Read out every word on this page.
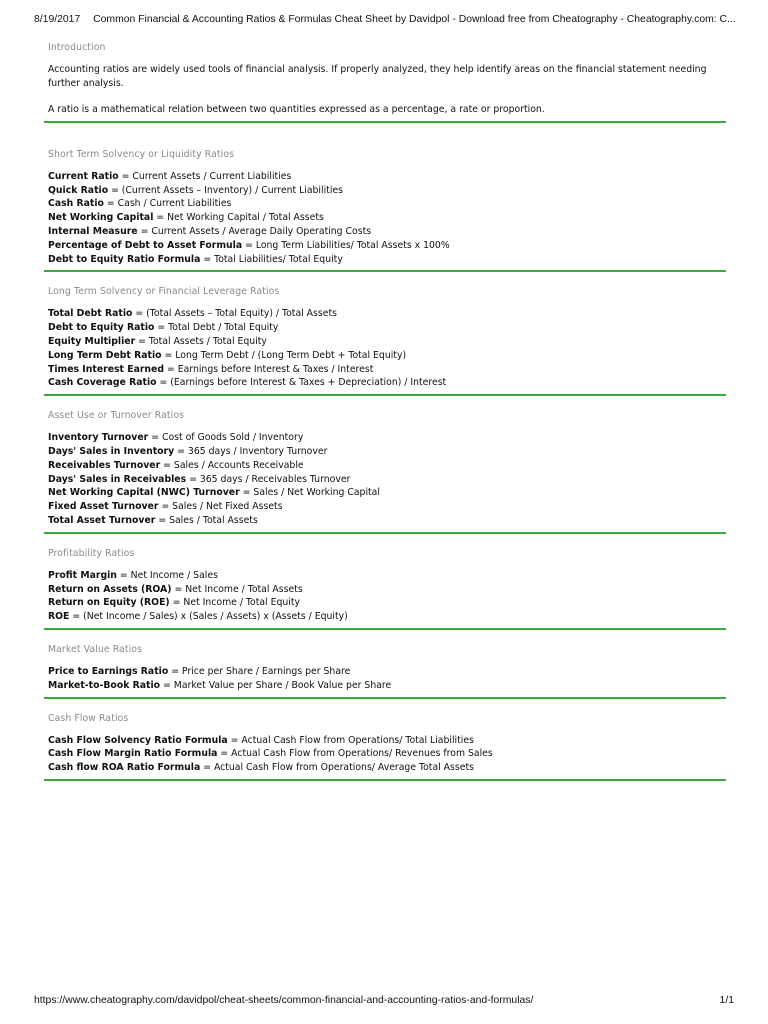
8/19/2017 Common Financial & Accounting Ratios & Formulas Cheat Sheet by Davidpol - Download free from Cheatography - Cheatography.com: C...
Introduction

Accounting ratios are widely used tools of financial analysis. If properly analyzed, they help identify areas on the financial statement needing further analysis.

A ratio is a mathematical relation between two quantities expressed as a percentage, a rate or proportion.

Short Term Solvency or Liquidity Ratios
Current Ratio = Current Assets / Current Liabilities
Quick Ratio = (Current Assets – Inventory) / Current Liabilities
Cash Ratio = Cash / Current Liabilities
Net Working Capital = Net Working Capital / Total Assets
Internal Measure = Current Assets / Average Daily Operating Costs
Percentage of Debt to Asset Formula = Long Term Liabilities/ Total Assets x 100%
Debt to Equity Ratio Formula = Total Liabilities/ Total Equity
Long Term Solvency or Financial Leverage Ratios
Total Debt Ratio = (Total Assets – Total Equity) / Total Assets
Debt to Equity Ratio = Total Debt / Total Equity
Equity Multiplier = Total Assets / Total Equity
Long Term Debt Ratio = Long Term Debt / (Long Term Debt + Total Equity)
Times Interest Earned = Earnings before Interest & Taxes / Interest
Cash Coverage Ratio = (Earnings before Interest & Taxes + Depreciation) / Interest
Asset Use or Turnover Ratios
Inventory Turnover = Cost of Goods Sold / Inventory
Days' Sales in Inventory = 365 days / Inventory Turnover
Receivables Turnover = Sales / Accounts Receivable
Days' Sales in Receivables = 365 days / Receivables Turnover
Net Working Capital (NWC) Turnover = Sales / Net Working Capital
Fixed Asset Turnover = Sales / Net Fixed Assets
Total Asset Turnover = Sales / Total Assets
Profitability Ratios
Profit Margin = Net Income / Sales
Return on Assets (ROA) = Net Income / Total Assets
Return on Equity (ROE) = Net Income / Total Equity
ROE = (Net Income / Sales) x (Sales / Assets) x (Assets / Equity)
Market Value Ratios
Price to Earnings Ratio = Price per Share / Earnings per Share
Market-to-Book Ratio = Market Value per Share / Book Value per Share
Cash Flow Ratios
Cash Flow Solvency Ratio Formula = Actual Cash Flow from Operations/ Total Liabilities
Cash Flow Margin Ratio Formula = Actual Cash Flow from Operations/ Revenues from Sales
Cash flow ROA Ratio Formula = Actual Cash Flow from Operations/ Average Total Assets
https://www.cheatography.com/davidpol/cheat-sheets/common-financial-and-accounting-ratios-and-formulas/	1/1
